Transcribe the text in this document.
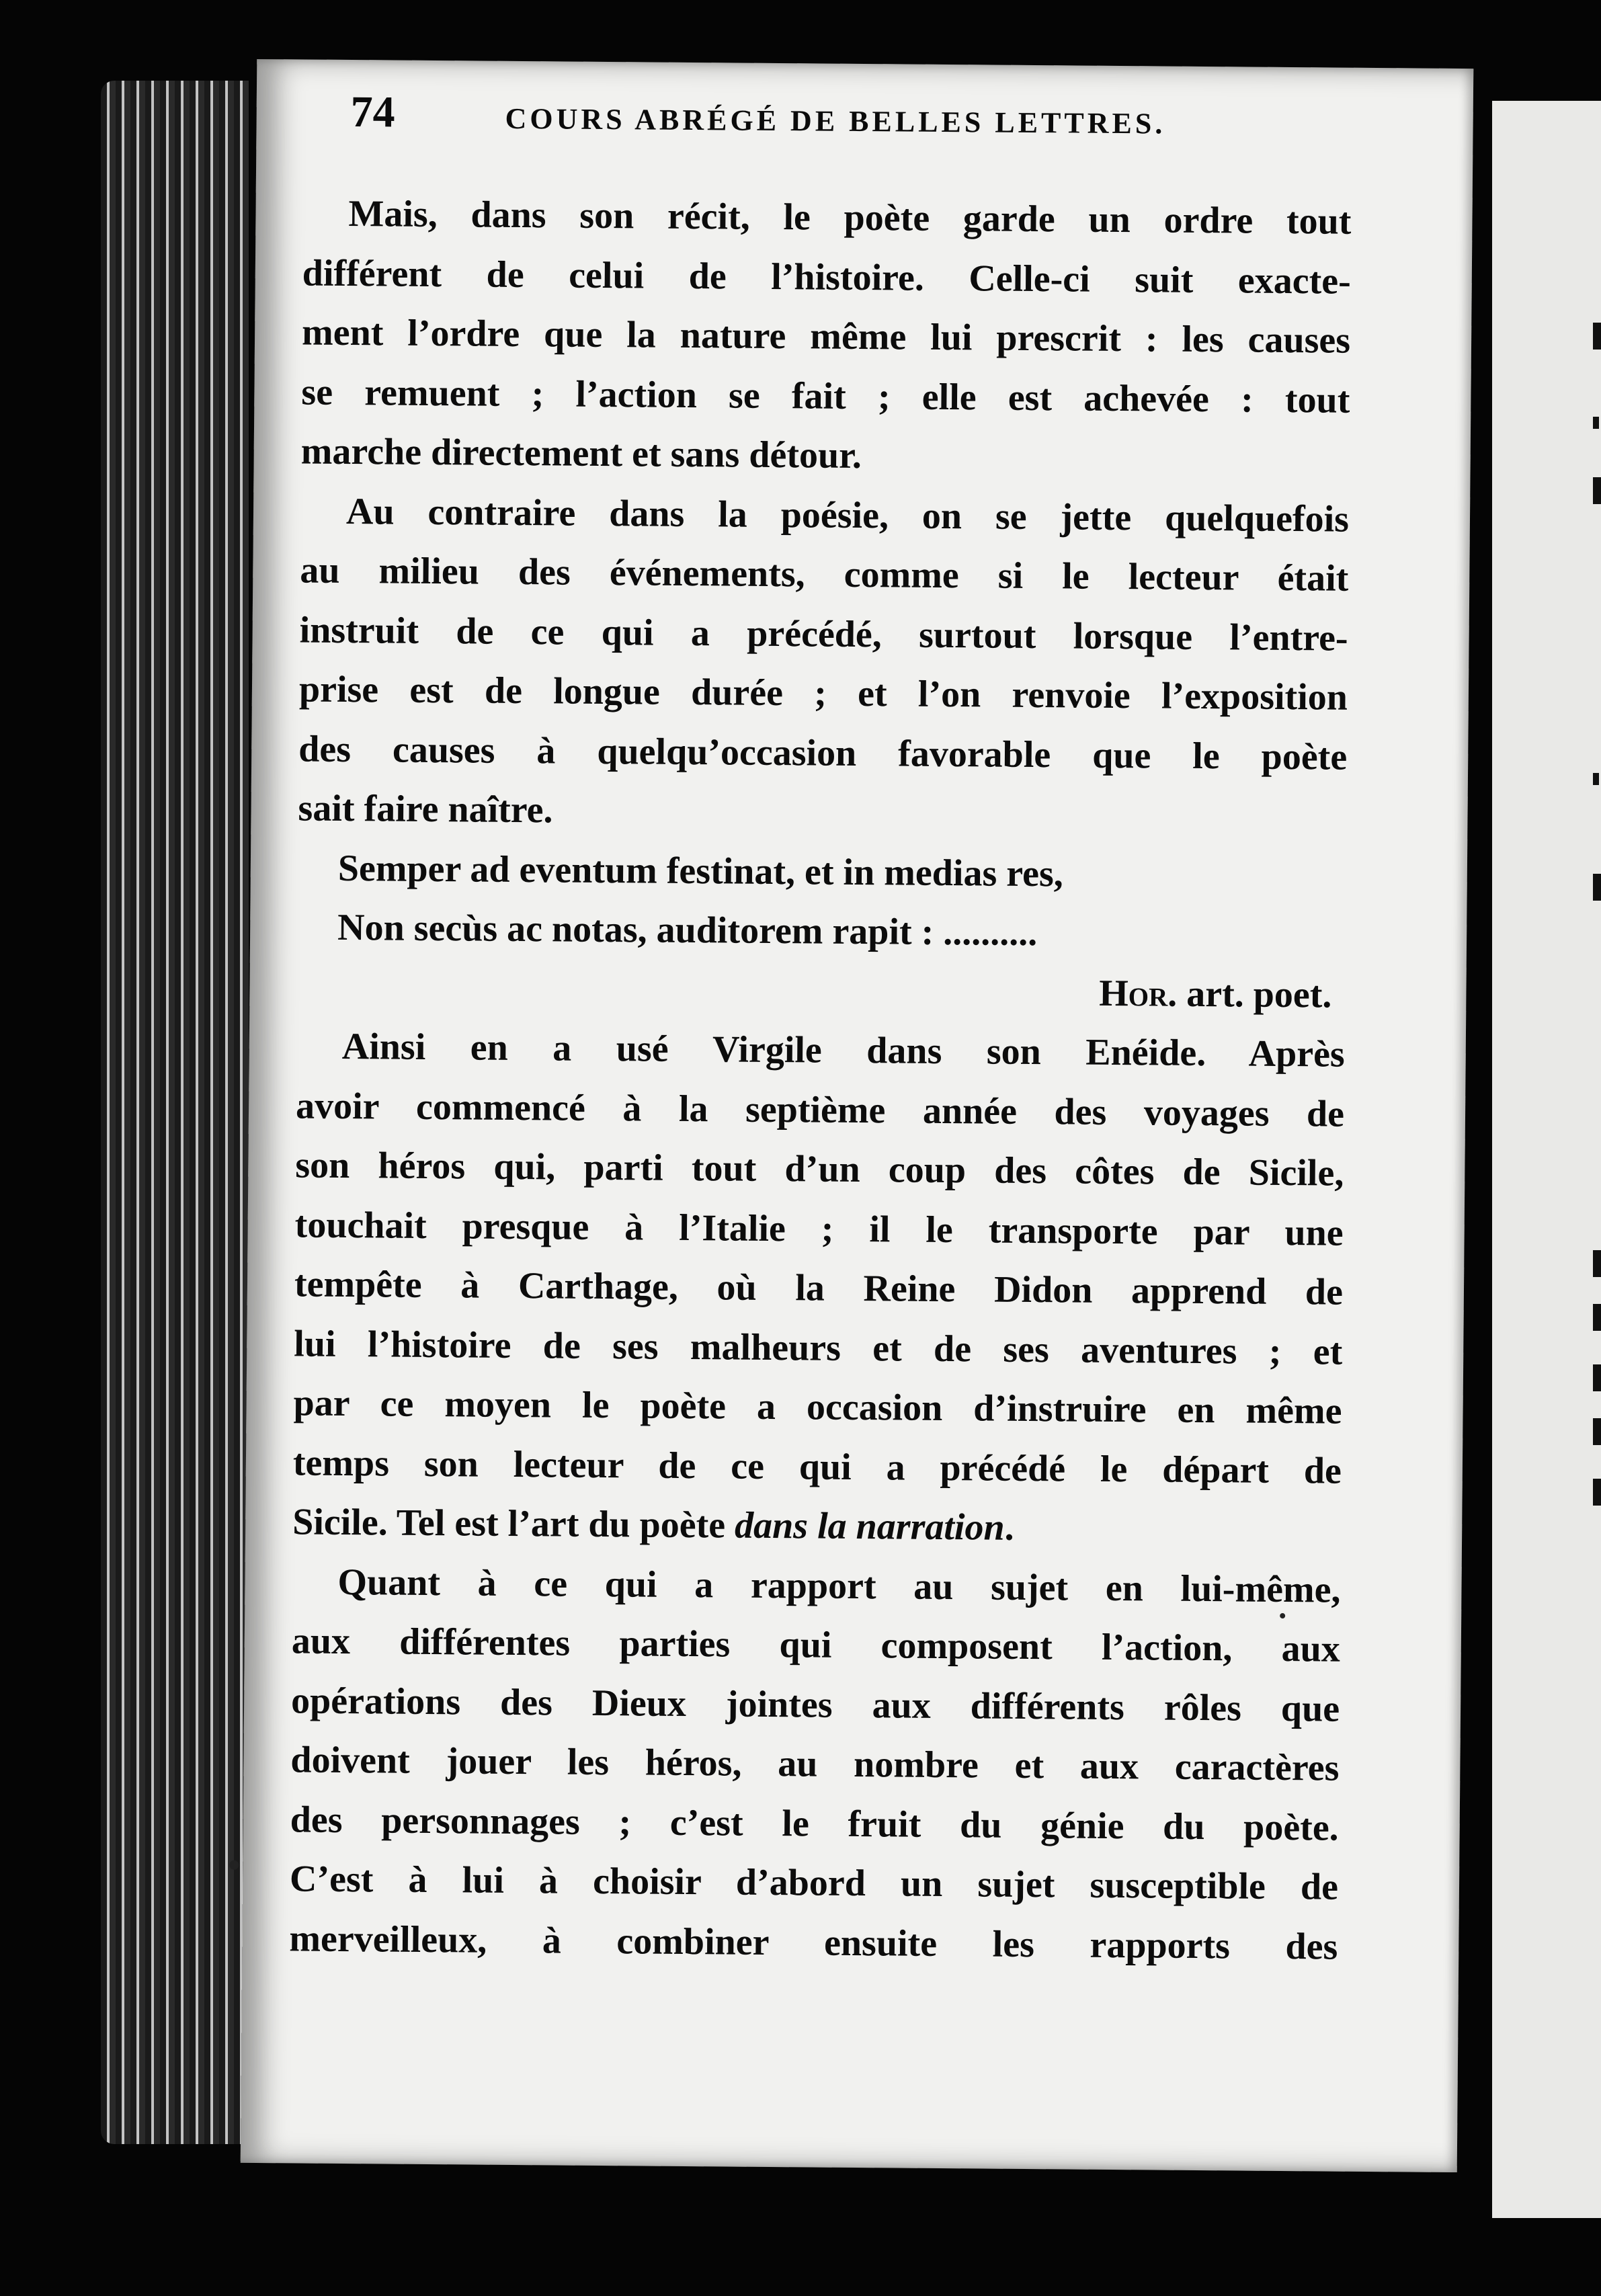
74	COURS ABRÉGÉ DE BELLES LETTRES.
Mais, dans son récit, le poète garde un ordre tout
différent de celui de l’histoire. Celle-ci suit exacte-
ment l’ordre que la nature même lui prescrit : les causes
se remuent ; l’action se fait ; elle est achevée : tout
marche directement et sans détour.
Au contraire dans la poésie, on se jette quelquefois
au milieu des événements, comme si le lecteur était
instruit de ce qui a précédé, surtout lorsque l’entre-
prise est de longue durée ; et l’on renvoie l’exposition
des causes à quelqu’occasion favorable que le poète
sait faire naître.
Semper ad eventum festinat, et in medias res,
Non secùs ac notas, auditorem rapit : ..........
Hor. art. poet.
Ainsi en a usé Virgile dans son Enéide. Après
avoir commencé à la septième année des voyages de
son héros qui, parti tout d’un coup des côtes de Sicile,
touchait presque à l’Italie ; il le transporte par une
tempête à Carthage, où la Reine Didon apprend de
lui l’histoire de ses malheurs et de ses aventures ; et
par ce moyen le poète a occasion d’instruire en même
temps son lecteur de ce qui a précédé le départ de
Sicile. Tel est l’art du poète dans la narration.
Quant à ce qui a rapport au sujet en lui-même,
aux différentes parties qui composent l’action, aux
opérations des Dieux jointes aux différents rôles que
doivent jouer les héros, au nombre et aux caractères
des personnages ; c’est le fruit du génie du poète.
C’est à lui à choisir d’abord un sujet susceptible de
merveilleux, à combiner ensuite les rapports des
